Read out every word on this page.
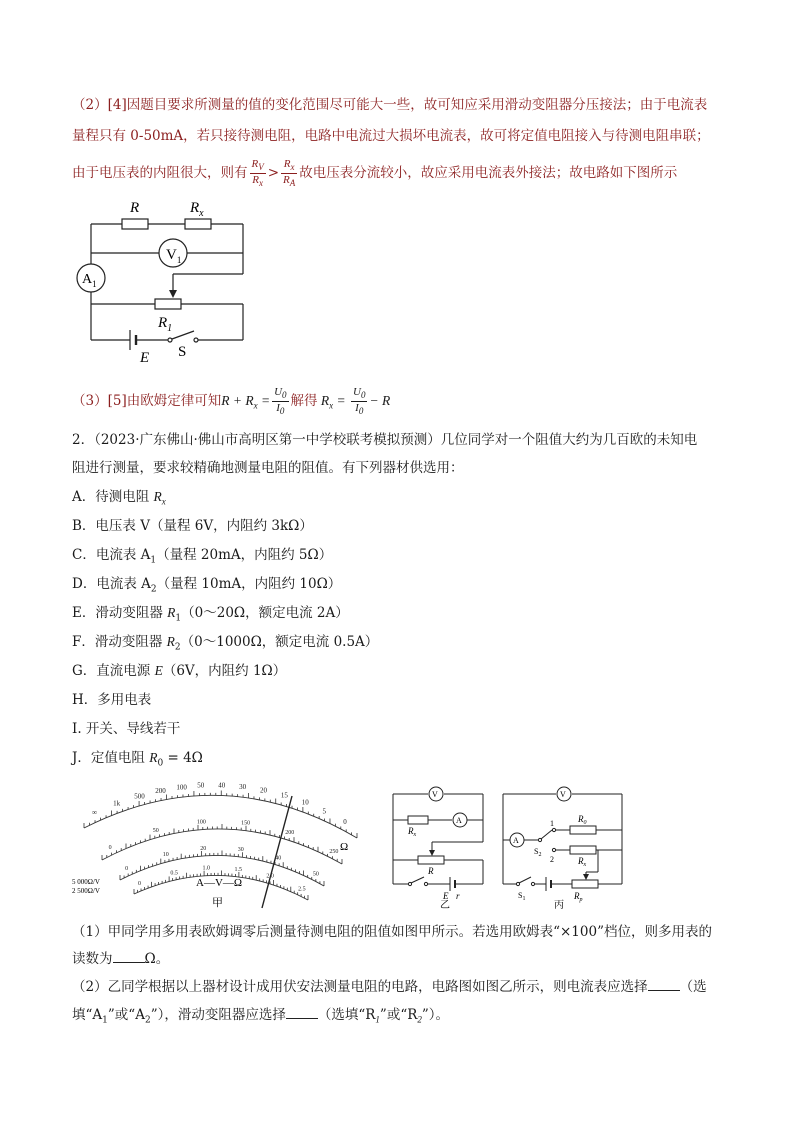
（2）[4]因题目要求所测量的值的变化范围尽可能大一些，故可知应采用滑动变阻器分压接法；由于电流表
量程只有 0-50mA，若只接待测电阻，电路中电流过大损坏电流表，故可将定值电阻接入与待测电阻串联；
由于电压表的内阻很大，则有 $\frac{R_V}{R_x} > \frac{R_x}{R_A}$ 故电压表分流较小，故应采用电流表外接法；故电路如下图所示
R	$R_x$
$V_1$
$A_1$
$R_1$
E S
（3）[5]由欧姆定律可知$R + R_x = \frac{U_0}{I_0}$ 解得 $R_x = \frac{U_0}{I_0} - R$
2．（2023·广东佛山·佛山市高明区第一中学校联考模拟预测）几位同学对一个阻值大约为几百欧的未知电
阻进行测量，要求较精确地测量电阻的阻值。有下列器材供选用：
A．待测电阻 $R_x$
B．电压表 V（量程 6V，内阻约 3kΩ）
C．电流表 $A_1$（量程 20mA，内阻约 5Ω）
D．电流表 $A_2$（量程 10mA，内阻约 10Ω）
E．滑动变阻器 $R_1(0\sim 20\Omega$，额定电流 2A）
F．滑动变阻器 $R_2(0\sim 1000\Omega$，额定电流 0.5A）
G．直流电源 E（6V，内阻约 1Ω）
H．多用电表
I. 开关、导线若干
J．定值电阻 $R_0 = 4\Omega$
Ω
A—V—Ω
5 000Ω/V
2 500Ω/V
甲
0
5
10
15
20
30
40
50
100
200
500
1k
∞
0
50
100	150
200
250
0
10
20	30
40
50
0
0.5
1.0	1.5
2.0
2.5
V
A
$R_x$
R
E r
乙
V
A
1
2
$R_0$
$R_x$
$R_p$
$S_2$
$S_1$
丙
（1）甲同学用多用表欧姆调零后测量待测电阻的阻值如图甲所示。若选用欧姆表“×100”档位，则多用表的
读数为 Ω。
（2）乙同学根据以上器材设计成用伏安法测量电阻的电路，电路图如图乙所示，则电流表应选择 （选
填“$A_1$”或“$A_2$”），滑动变阻器应选择 （选填“$R_1$”或“$R_2$”）。
